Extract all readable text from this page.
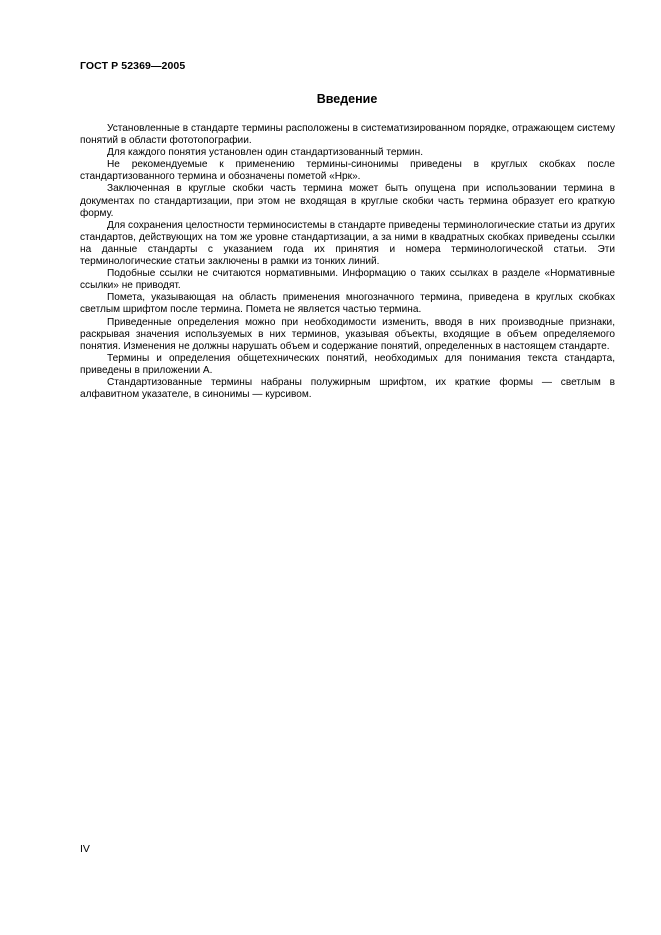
ГОСТ Р 52369—2005
Введение

Установленные в стандарте термины расположены в систематизированном порядке, отражающем систему понятий в области фототопографии.

Для каждого понятия установлен один стандартизованный термин.

Не рекомендуемые к применению термины-синонимы приведены в круглых скобках после стандартизованного термина и обозначены пометой «Нрк».

Заключенная в круглые скобки часть термина может быть опущена при использовании термина в документах по стандартизации, при этом не входящая в круглые скобки часть термина образует его краткую форму.

Для сохранения целостности терминосистемы в стандарте приведены терминологические статьи из других стандартов, действующих на том же уровне стандартизации, а за ними в квадратных скобках приведены ссылки на данные стандарты с указанием года их принятия и номера терминологической статьи. Эти терминологические статьи заключены в рамки из тонких линий.

Подобные ссылки не считаются нормативными. Информацию о таких ссылках в разделе «Нормативные ссылки» не приводят.

Помета, указывающая на область применения многозначного термина, приведена в круглых скобках светлым шрифтом после термина. Помета не является частью термина.

Приведенные определения можно при необходимости изменить, вводя в них производные признаки, раскрывая значения используемых в них терминов, указывая объекты, входящие в объем определяемого понятия. Изменения не должны нарушать объем и содержание понятий, определенных в настоящем стандарте.

Термины и определения общетехнических понятий, необходимых для понимания текста стандарта, приведены в приложении А.

Стандартизованные термины набраны полужирным шрифтом, их краткие формы — светлым в алфавитном указателе, в синонимы — курсивом.

IV
